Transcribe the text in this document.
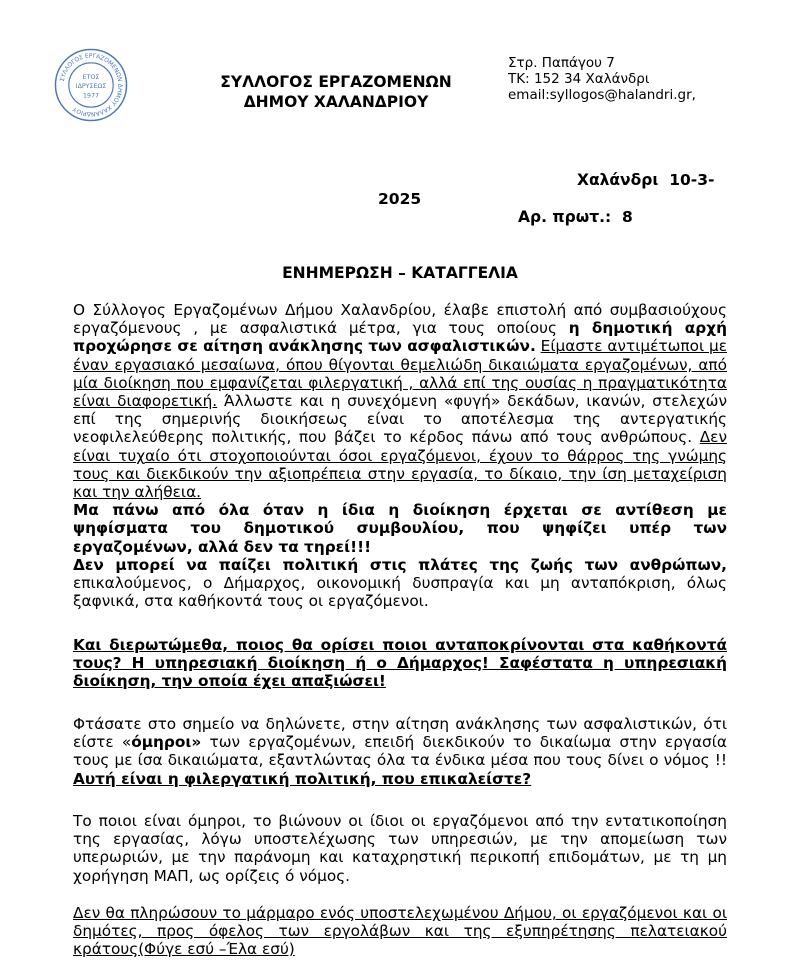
ΣΥΛΛΟΓΟΣ ΕΡΓΑΖΟΜΕΝΩΝ ΔΗΜΟΥ ΧΑΛΑΝΔΡΙΟΥ
ΕΤΟΣ
ΙΔΡΥΣΕΩΣ
1977
ΣΥΛΛΟΓΟΣ ΕΡΓΑΖΟΜΕΝΩΝ
ΔΗΜΟΥ ΧΑΛΑΝΔΡΙΟΥ
Στρ. Παπάγου 7
ΤΚ: 152 34 Χαλάνδρι
email:syllogos@halandri.gr,
Χαλάνδρι  10-3-
2025
Αρ. πρωτ.:  8
ΕΝΗΜΕΡΩΣΗ – ΚΑΤΑΓΓΕΛΙΑ

Ο Σύλλογος Εργαζομένων Δήμου Χαλανδρίου, έλαβε επιστολή από συμβασιούχους εργαζόμενους , με ασφαλιστικά μέτρα, για τους οποίους η δημοτική αρχή προχώρησε σε αίτηση ανάκλησης των ασφαλιστικών. Είμαστε αντιμέτωποι με έναν εργασιακό μεσαίωνα, όπου θίγονται θεμελιώδη δικαιώματα εργαζομένων, από μία διοίκηση που εμφανίζεται φιλεργατική , αλλά επί της ουσίας η πραγματικότητα είναι διαφορετική. Άλλωστε και η συνεχόμενη «φυγή» δεκάδων, ικανών, στελεχών επί της σημερινής διοικήσεως είναι το αποτέλεσμα της αντεργατικής νεοφιλελεύθερης πολιτικής, που βάζει το κέρδος πάνω από τους ανθρώπους. Δεν είναι τυχαίο ότι στοχοποιούνται όσοι εργαζόμενοι, έχουν το θάρρος της γνώμης τους και διεκδικούν την αξιοπρέπεια στην εργασία, το δίκαιο, την ίση μεταχείριση και την αλήθεια.

Μα πάνω από όλα όταν η ίδια η διοίκηση έρχεται σε αντίθεση με ψηφίσματα του δημοτικού συμβουλίου, που ψηφίζει υπέρ των εργαζομένων, αλλά δεν τα τηρεί!!!

Δεν μπορεί να παίζει πολιτική στις πλάτες της ζωής των ανθρώπων, επικαλούμενος, ο Δήμαρχος, οικονομική δυσπραγία και μη ανταπόκριση, όλως ξαφνικά, στα καθήκοντά τους οι εργαζόμενοι.

Και διερωτώμεθα, ποιος θα ορίσει ποιοι ανταποκρίνονται στα καθήκοντά τους? Η υπηρεσιακή διοίκηση ή ο Δήμαρχος! Σαφέστατα η υπηρεσιακή διοίκηση, την οποία έχει απαξιώσει!

Φτάσατε στο σημείο να δηλώνετε, στην αίτηση ανάκλησης των ασφαλιστικών, ότι είστε «όμηροι» των εργαζομένων, επειδή διεκδικούν το δικαίωμα στην εργασία τους με ίσα δικαιώματα, εξαντλώντας όλα τα ένδικα μέσα που τους δίνει ο νόμος !! Αυτή είναι η φιλεργατική πολιτική, που επικαλείστε?

Το ποιοι είναι όμηροι, το βιώνουν οι ίδιοι οι εργαζόμενοι από την εντατικοποίηση της εργασίας, λόγω υποστελέχωσης των υπηρεσιών, με την απομείωση των υπερωριών, με την παράνομη και καταχρηστική περικοπή επιδομάτων, με τη μη χορήγηση ΜΑΠ, ως ορίζεις ό νόμος.

Δεν θα πληρώσουν το μάρμαρο ενός υποστελεχωμένου Δήμου, οι εργαζόμενοι και οι δημότες, προς όφελος των εργολάβων και της εξυπηρέτησης πελατειακού κράτους(Φύγε εσύ –Έλα εσύ)
